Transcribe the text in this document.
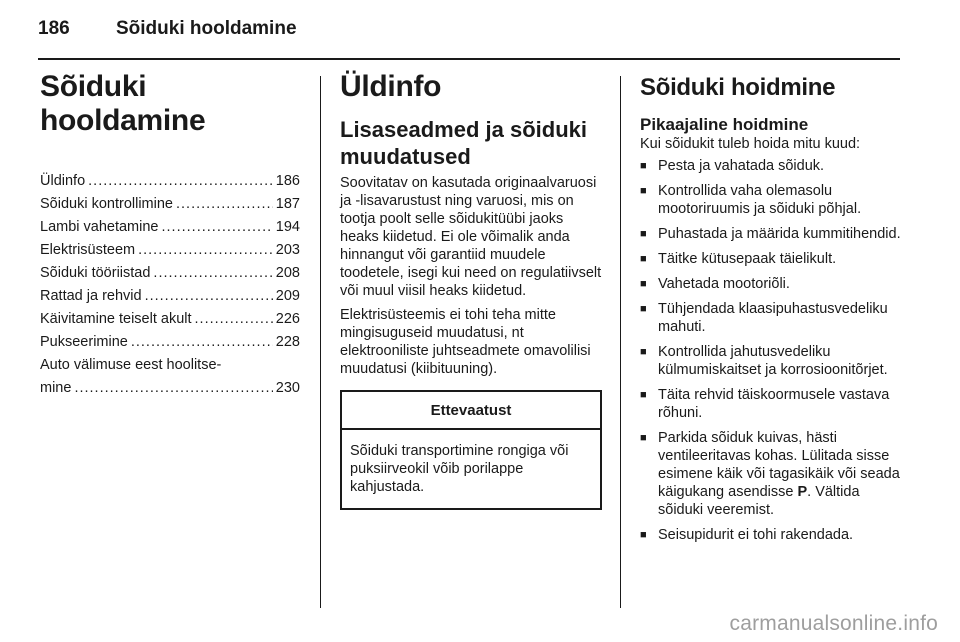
186 Sõiduki hooldamine
Sõiduki hooldamine
Üldinfo .....	186
Sõiduki kontrollimine .....	187
Lambi vahetamine .....	194
Elektrisüsteem .....	203
Sõiduki tööriistad .....	208
Rattad ja rehvid .....	209
Käivitamine teiselt akult .....	226
Pukseerimine .....	228
Auto välimuse eest hoolitse-
mine .....	230
Üldinfo
Lisaseadmed ja sõiduki muudatused

Soovitatav on kasutada originaalvaruosi ja -lisavarustust ning varuosi, mis on tootja poolt selle sõidukitüübi jaoks heaks kiidetud. Ei ole võimalik anda hinnangut või garantiid muudele toodetele, isegi kui need on regulatiivselt või muul viisil heaks kiidetud.

Elektrisüsteemis ei tohi teha mitte mingisuguseid muudatusi, nt elektrooniliste juhtseadmete omavolilisi muudatusi (kiibituuning).

Ettevaatust
Sõiduki transportimine rongiga või puksiirveokil võib porilappe kahjustada.
Sõiduki hoidmine
Pikaajaline hoidmine

Kui sõidukit tuleb hoida mitu kuud:

■ Pesta ja vahatada sõiduk.
■ Kontrollida vaha olemasolu mootoriruumis ja sõiduki põhjal.
■ Puhastada ja määrida kummitihendid.
■ Täitke kütusepaak täielikult.
■ Vahetada mootoriõli.
■ Tühjendada klaasipuhastusvedeliku mahuti.
■ Kontrollida jahutusvedeliku külmumiskaitset ja korrosioonitõrjet.
■ Täita rehvid täiskoormusele vastava rõhuni.
■ Parkida sõiduk kuivas, hästi ventileeritavas kohas. Lülitada sisse esimene käik või tagasikäik või seada käigukang asendisse P. Vältida sõiduki veeremist.
■ Seisupidurit ei tohi rakendada.
carmanualsonline.info
